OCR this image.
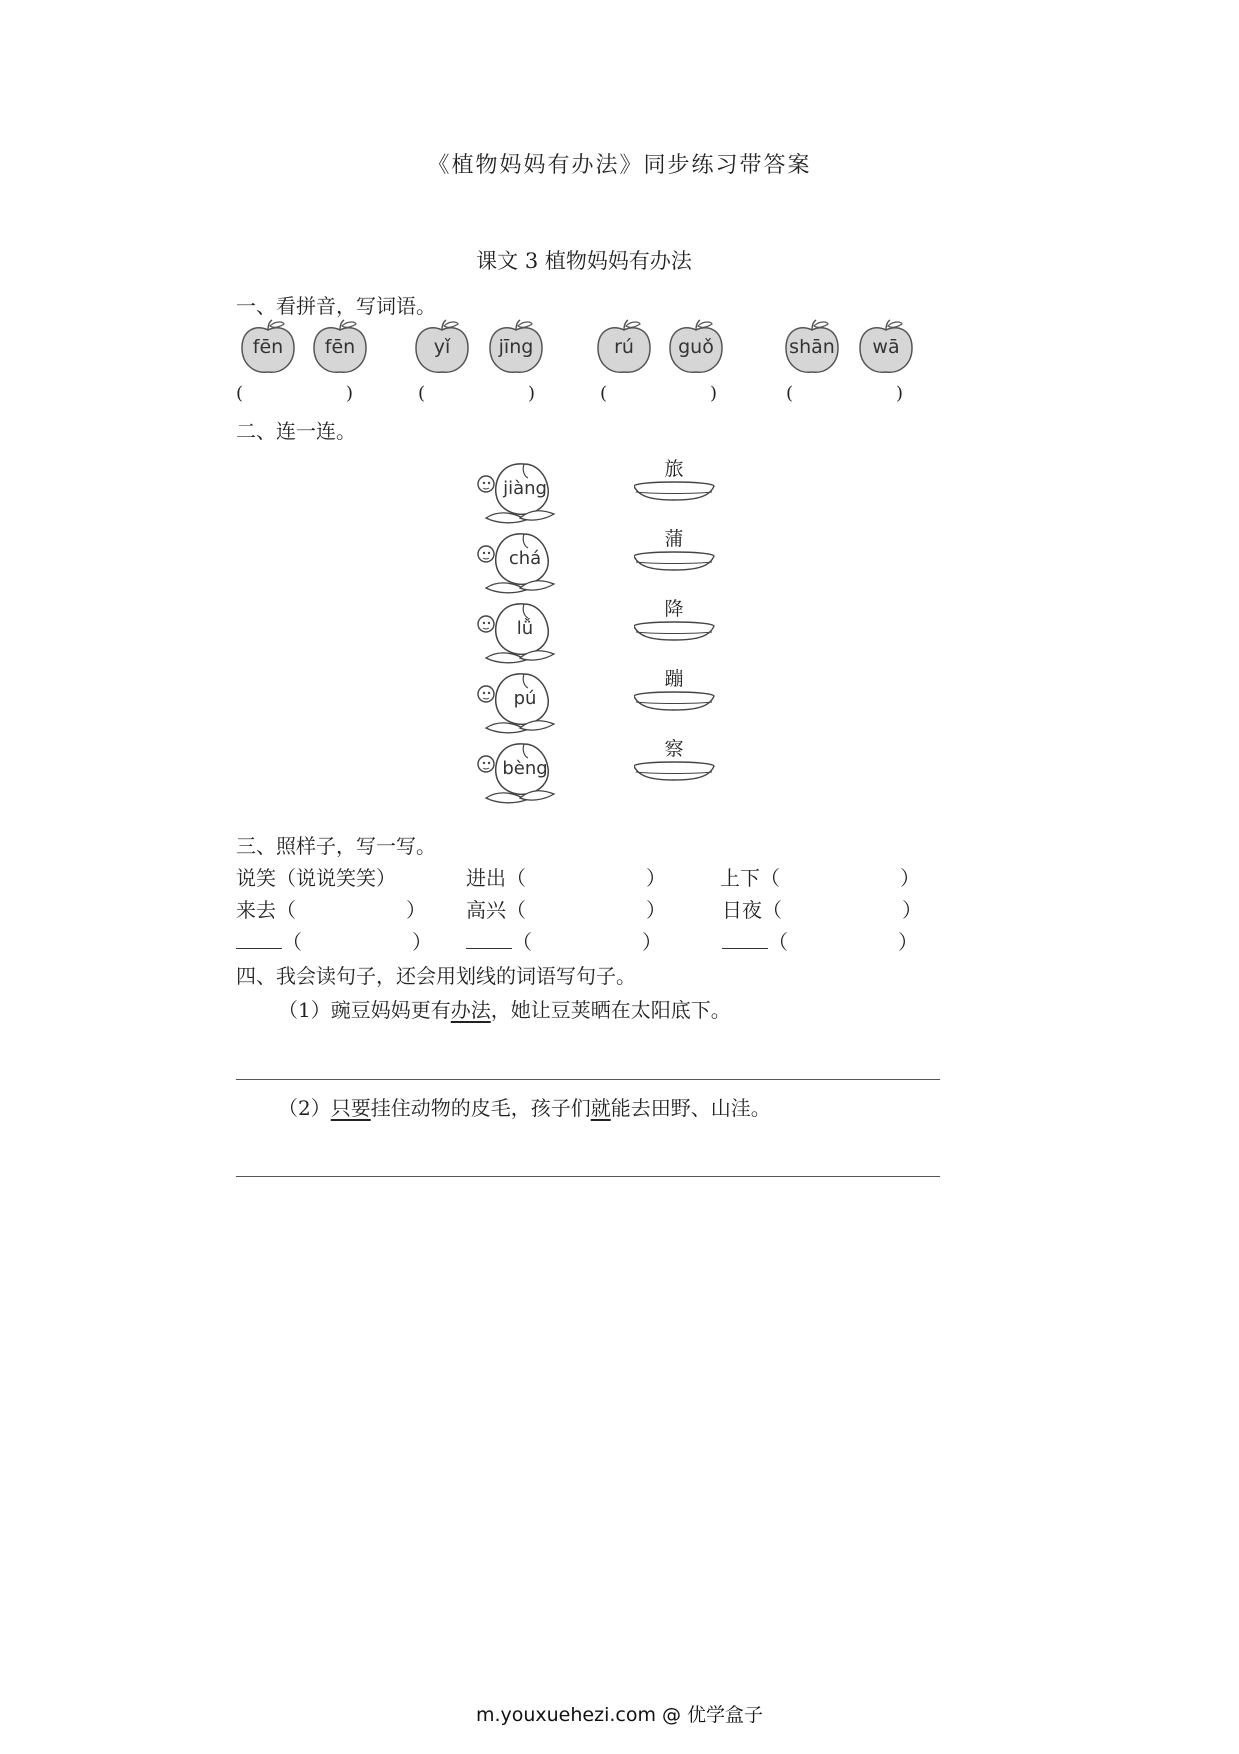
《植物妈妈有办法》同步练习带答案
课文 3 植物妈妈有办法
一、看拼音，写词语。
fēn	fēn	yǐ	jīng	rú	guǒ	shān	wā
(	)	(	)	(	)	(	)
二、连一连。
jiàng
chá
lǚ
pú
bèng
旅
蒲
降
蹦
察
三、照样子，写一写。
说笑（说说笑笑）	进出（	）	上下（	）
来去（	） 高兴（	）	日夜（	）
（	）	（	）	（	）
四、我会读句子，还会用划线的词语写句子。
（1）豌豆妈妈更有办法，她让豆荚晒在太阳底下。
（2）只要挂住动物的皮毛，孩子们就能去田野、山洼。
m.youxuehezi.com @ 优学盒子
